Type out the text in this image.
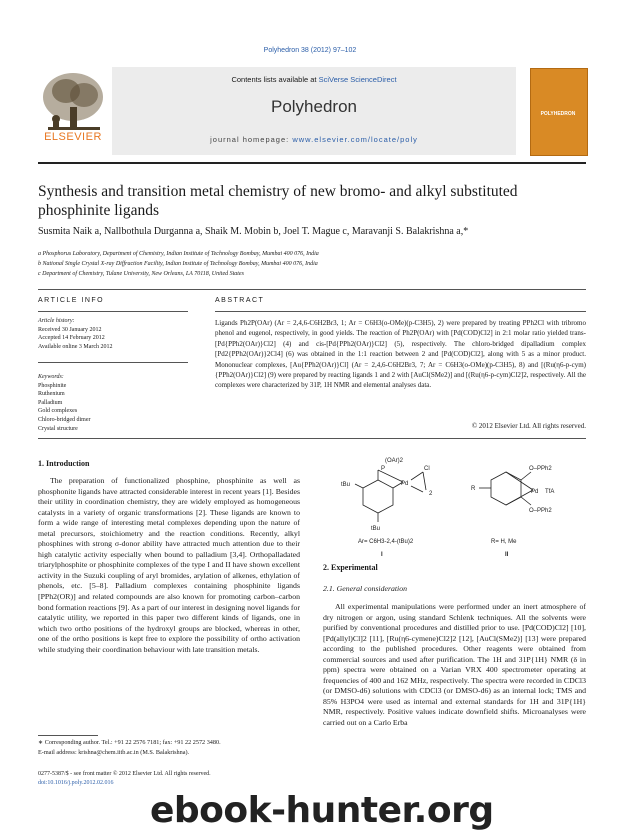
Polyhedron 38 (2012) 97–102
Contents lists available at SciVerse ScienceDirect
Polyhedron
journal homepage: www.elsevier.com/locate/poly
ELSEVIER
POLYHEDRON
Synthesis and transition metal chemistry of new bromo- and alkyl substituted phosphinite ligands
Susmita Naik a, Nallbothula Durganna a, Shaik M. Mobin b, Joel T. Mague c, Maravanji S. Balakrishna a,*
a Phosphorus Laboratory, Department of Chemistry, Indian Institute of Technology Bombay, Mumbai 400 076, India
b National Single Crystal X-ray Diffraction Facility, Indian Institute of Technology Bombay, Mumbai 400 076, India
c Department of Chemistry, Tulane University, New Orleans, LA 70118, United States
ARTICLE INFO	ABSTRACT
Article history:
Received 30 January 2012
Accepted 14 February 2012
Available online 3 March 2012
Keywords:
Phosphinite
Ruthenium
Palladium
Gold complexes
Chloro-bridged dimer
Crystal structure
Ligands Ph2P(OAr) (Ar = 2,4,6-C6H2Br3, 1; Ar = C6H3(o-OMe)(p-C3H5), 2) were prepared by treating PPh2Cl with tribromo phenol and eugenol, respectively, in good yields. The reaction of Ph2P(OAr) with [Pd(COD)Cl2] in 2:1 molar ratio yielded trans-[Pd{PPh2(OAr)}Cl2] (4) and cis-[Pd{PPh2(OAr)}Cl2] (5), respectively. The chloro-bridged dipalladium complex [Pd2{PPh2(OAr)}2Cl4] (6) was obtained in the 1:1 reaction between 2 and [Pd(COD)Cl2], along with 5 as a minor product. Mononuclear complexes, [Au{PPh2(OAr)}Cl] (Ar = 2,4,6-C6H2Br3, 7; Ar = C6H3(o-OMe)(p-C3H5), 8) and [(Ru(η6-p-cym){PPh2(OAr)}Cl2] (9) were prepared by reacting ligands 1 and 2 with [AuCl(SMe2)] and [(Ru(η6-p-cym)Cl2]2, respectively. All the complexes were characterized by 31P, 1H NMR and elemental analyses data.
© 2012 Elsevier Ltd. All rights reserved.
1. Introduction
The preparation of functionalized phosphine, phosphinite as well as phosphonite ligands have attracted considerable interest in recent years [1]. Besides their utility in coordination chemistry, they are widely employed as homogeneous catalysts in a variety of organic transformations [2]. These ligands are known to form a wide range of interesting metal complexes depending upon the nature of metal precursors, stoichiometry and the reaction conditions. Recently, alkyl phosphines with strong σ-donor ability have attracted much attention due to their high catalytic activity especially when bound to palladium [3,4]. Orthopalladated triarylphosphite or phosphinite complexes of the type I and II have shown excellent activity in the Suzuki coupling of aryl bromides, arylation of alkenes, ethylation of phenols, etc. [5–8]. Palladium complexes containing phosphinite ligands [PPh2(OR)] and related compounds are also known for promoting carbon–carbon bond formation reactions [9]. As a part of our interest in designing novel ligands for catalytic utility, we reported in this paper two different kinds of ligands, one in which two ortho positions of the hydroxyl groups are blocked, whereas in other, one of the ortho positions is kept free to explore the possibility of ortho activation while studying their coordination behaviour with late transition metals.
∗ Corresponding author. Tel.: +91 22 2576 7181; fax: +91 22 2572 3480.
E-mail address: krishna@chem.iitb.ac.in (M.S. Balakrishna).
0277-5387/$ - see front matter © 2012 Elsevier Ltd. All rights reserved.
doi:10.1016/j.poly.2012.02.016
(OAr)2
P
Pd
Cl
2
tBu
tBu
Ar= C6H3-2,4-(tBu)2
I
O–PPh2
Pd TfA
O–PPh2
R
R= H, Me
II
2. Experimental
2.1. General consideration
All experimental manipulations were performed under an inert atmosphere of dry nitrogen or argon, using standard Schlenk techniques. All the solvents were purified by conventional procedures and distilled prior to use. [Pd(COD)Cl2] [10], [Pd(allyl)Cl]2 [11], [Ru(η6-cymene)Cl2]2 [12], [AuCl(SMe2)] [13] were prepared according to the published procedures. Other reagents were obtained from commercial sources and used after purification. The 1H and 31P{1H} NMR (δ in ppm) spectra were obtained on a Varian VRX 400 spectrometer operating at frequencies of 400 and 162 MHz, respectively. The spectra were recorded in CDCl3 (or DMSO-d6) solutions with CDCl3 (or DMSO-d6) as an internal lock; TMS and 85% H3PO4 were used as internal and external standards for 1H and 31P{1H} NMR, respectively. Positive values indicate downfield shifts. Microanalyses were carried out on a Carlo Erba
ebook-hunter.org
